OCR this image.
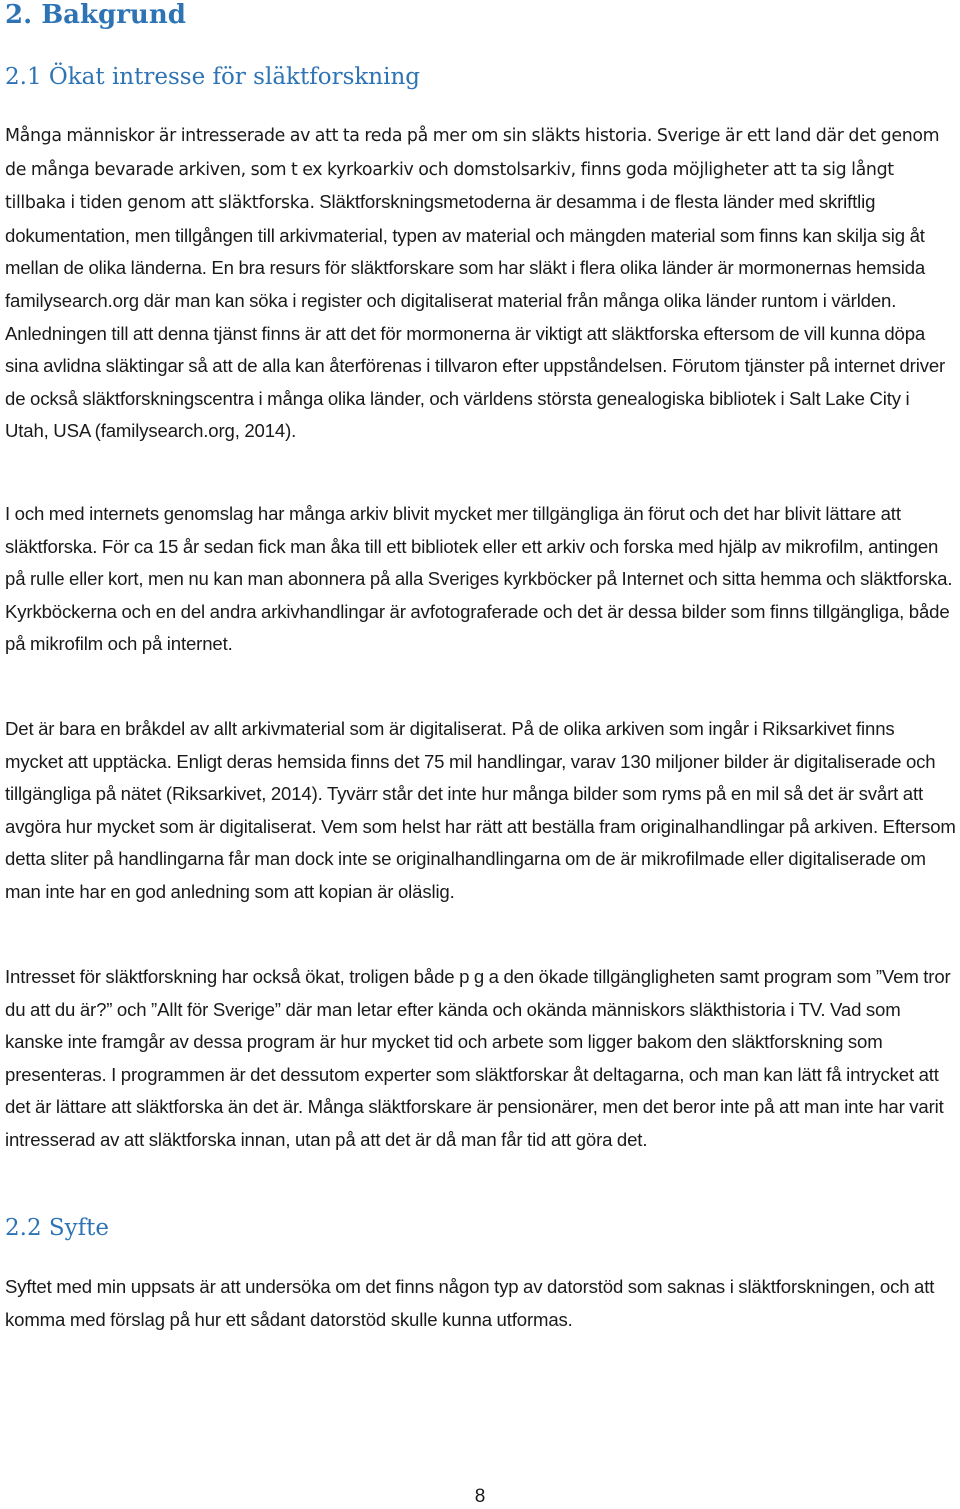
2. Bakgrund
2.1 Ökat intresse för släktforskning

Många människor är intresserade av att ta reda på mer om sin släkts historia. Sverige är ett land där det genom de många bevarade arkiven, som t ex kyrkoarkiv och domstolsarkiv, finns goda möjligheter att ta sig långt tillbaka i tiden genom att släktforska. Släktforskningsmetoderna är desamma i de flesta länder med skriftlig dokumentation, men tillgången till arkivmaterial, typen av material och mängden material som finns kan skilja sig åt mellan de olika länderna. En bra resurs för släktforskare som har släkt i flera olika länder är mormonernas hemsida familysearch.org där man kan söka i register och digitaliserat material från många olika länder runtom i världen. Anledningen till att denna tjänst finns är att det för mormonerna är viktigt att släktforska eftersom de vill kunna döpa sina avlidna släktingar så att de alla kan återförenas i tillvaron efter uppståndelsen. Förutom tjänster på internet driver de också släktforskningscentra i många olika länder, och världens största genealogiska bibliotek i Salt Lake City i Utah, USA (familysearch.org, 2014).

I och med internets genomslag har många arkiv blivit mycket mer tillgängliga än förut och det har blivit lättare att släktforska. För ca 15 år sedan fick man åka till ett bibliotek eller ett arkiv och forska med hjälp av mikrofilm, antingen på rulle eller kort, men nu kan man abonnera på alla Sveriges kyrkböcker på Internet och sitta hemma och släktforska. Kyrkböckerna och en del andra arkivhandlingar är avfotograferade och det är dessa bilder som finns tillgängliga, både på mikrofilm och på internet.

Det är bara en bråkdel av allt arkivmaterial som är digitaliserat. På de olika arkiven som ingår i Riksarkivet finns mycket att upptäcka. Enligt deras hemsida finns det 75 mil handlingar, varav 130 miljoner bilder är digitaliserade och tillgängliga på nätet (Riksarkivet, 2014). Tyvärr står det inte hur många bilder som ryms på en mil så det är svårt att avgöra hur mycket som är digitaliserat. Vem som helst har rätt att beställa fram originalhandlingar på arkiven. Eftersom detta sliter på handlingarna får man dock inte se originalhandlingarna om de är mikrofilmade eller digitaliserade om man inte har en god anledning som att kopian är oläslig.

Intresset för släktforskning har också ökat, troligen både p g a den ökade tillgängligheten samt program som ”Vem tror du att du är?” och ”Allt för Sverige” där man letar efter kända och okända människors släkthistoria i TV. Vad som kanske inte framgår av dessa program är hur mycket tid och arbete som ligger bakom den släktforskning som presenteras. I programmen är det dessutom experter som släktforskar åt deltagarna, och man kan lätt få intrycket att det är lättare att släktforska än det är. Många släktforskare är pensionärer, men det beror inte på att man inte har varit intresserad av att släktforska innan, utan på att det är då man får tid att göra det.

2.2 Syfte

Syftet med min uppsats är att undersöka om det finns någon typ av datorstöd som saknas i släktforskningen, och att komma med förslag på hur ett sådant datorstöd skulle kunna utformas.

8
